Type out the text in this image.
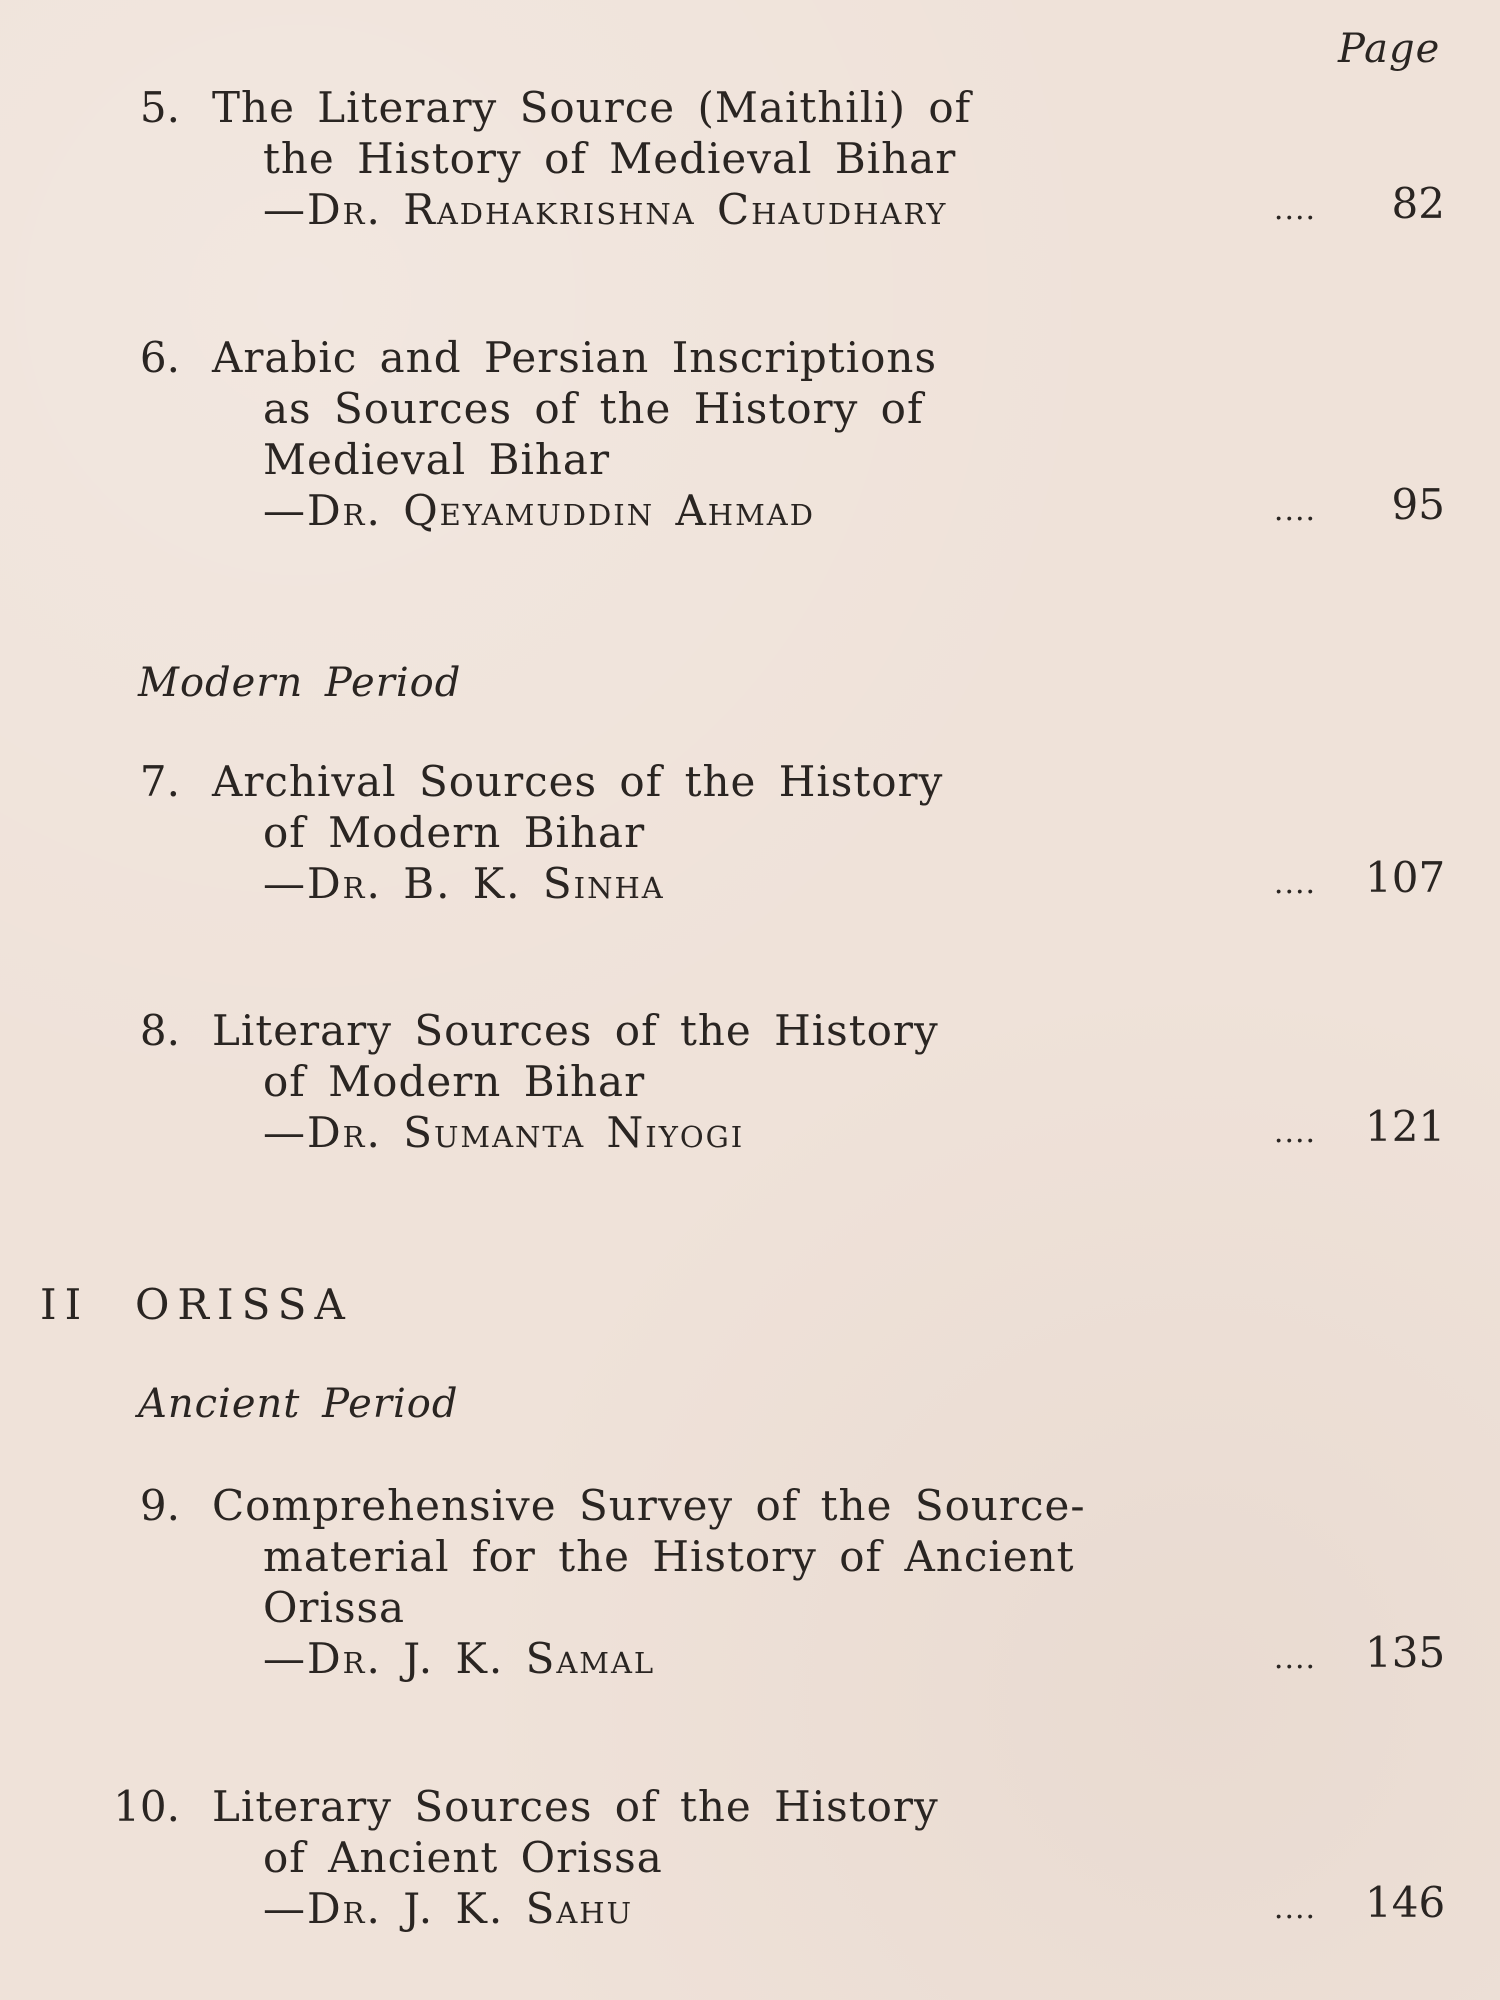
Page
5. The Literary Source (Maithili) of
the History of Medieval Bihar
—Dr. Radhakrishna Chaudhary	....	82
6. Arabic and Persian Inscriptions
as Sources of the History of
Medieval Bihar
—Dr. Qeyamuddin Ahmad	....	95
Modern Period
7. Archival Sources of the History
of Modern Bihar
—Dr. B. K. Sinha	.... 107
8. Literary Sources of the History
of Modern Bihar
—Dr. Sumanta Niyogi	.... 121
II ORISSA
Ancient Period
9. Comprehensive Survey of the Source-
material for the History of Ancient
Orissa
—Dr. J. K. Samal	.... 135
10. Literary Sources of the History
of Ancient Orissa
—Dr. J. K. Sahu	.... 146
